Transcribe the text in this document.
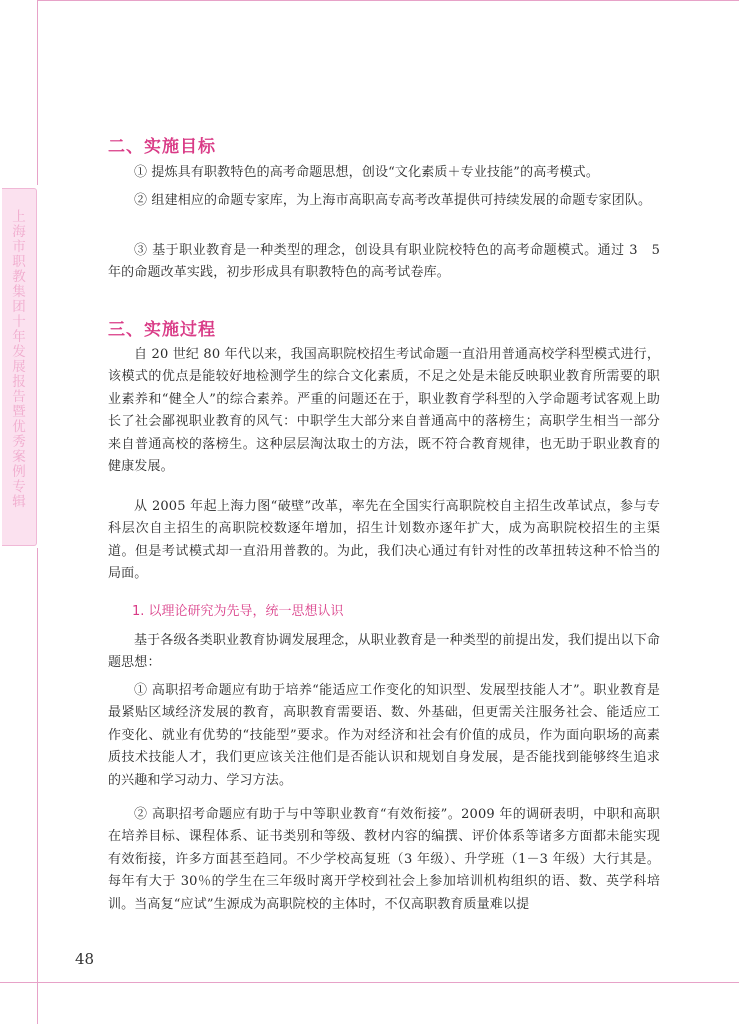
上海市职教集团十年发展报告暨优秀案例专辑
48
二、实施目标
① 提炼具有职教特色的高考命题思想，创设“文化素质＋专业技能”的高考模式。
② 组建相应的命题专家库，为上海市高职高专高考改革提供可持续发展的命题专家团队。
③ 基于职业教育是一种类型的理念，创设具有职业院校特色的高考命题模式。通过 3　5 年的命题改革实践，初步形成具有职教特色的高考试卷库。
三、实施过程
自 20 世纪 80 年代以来，我国高职院校招生考试命题一直沿用普通高校学科型模式进行，该模式的优点是能较好地检测学生的综合文化素质，不足之处是未能反映职业教育所需要的职业素养和“健全人”的综合素养。严重的问题还在于，职业教育学科型的入学命题考试客观上助长了社会鄙视职业教育的风气：中职学生大部分来自普通高中的落榜生；高职学生相当一部分来自普通高校的落榜生。这种层层淘汰取士的方法，既不符合教育规律，也无助于职业教育的健康发展。
从 2005 年起上海力图“破壁”改革，率先在全国实行高职院校自主招生改革试点，参与专科层次自主招生的高职院校数逐年增加，招生计划数亦逐年扩大，成为高职院校招生的主渠道。但是考试模式却一直沿用普教的。为此，我们决心通过有针对性的改革扭转这种不恰当的局面。
1. 以理论研究为先导，统一思想认识
基于各级各类职业教育协调发展理念，从职业教育是一种类型的前提出发，我们提出以下命题思想：
① 高职招考命题应有助于培养“能适应工作变化的知识型、发展型技能人才”。职业教育是最紧贴区域经济发展的教育，高职教育需要语、数、外基础，但更需关注服务社会、能适应工作变化、就业有优势的“技能型”要求。作为对经济和社会有价值的成员，作为面向职场的高素质技术技能人才，我们更应该关注他们是否能认识和规划自身发展，是否能找到能够终生追求的兴趣和学习动力、学习方法。
② 高职招考命题应有助于与中等职业教育“有效衔接”。2009 年的调研表明，中职和高职在培养目标、课程体系、证书类别和等级、教材内容的编撰、评价体系等诸多方面都未能实现有效衔接，许多方面甚至趋同。不少学校高复班（3 年级）、升学班（1－3 年级）大行其是。每年有大于 30％的学生在三年级时离开学校到社会上参加培训机构组织的语、数、英学科培训。当高复“应试”生源成为高职院校的主体时，不仅高职教育质量难以提
